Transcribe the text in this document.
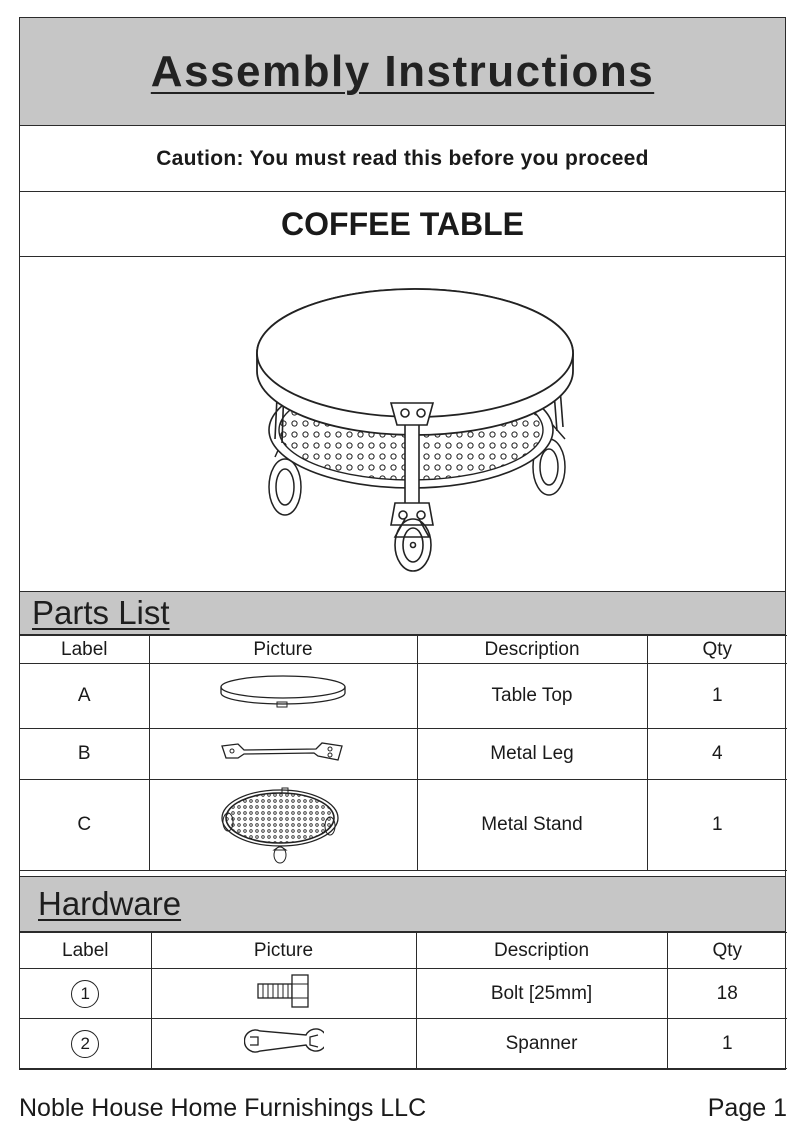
Assembly Instructions
Caution: You must read this before you proceed
COFFEE TABLE
Parts List
Label	Picture	Description	Qty
A		Table Top	1
B		Metal Leg	4
C		Metal Stand	1
Hardware
Label	Picture	Description	Qty
1		Bolt [25mm]	18
2		Spanner	1
Noble House Home Furnishings LLC	Page 1
